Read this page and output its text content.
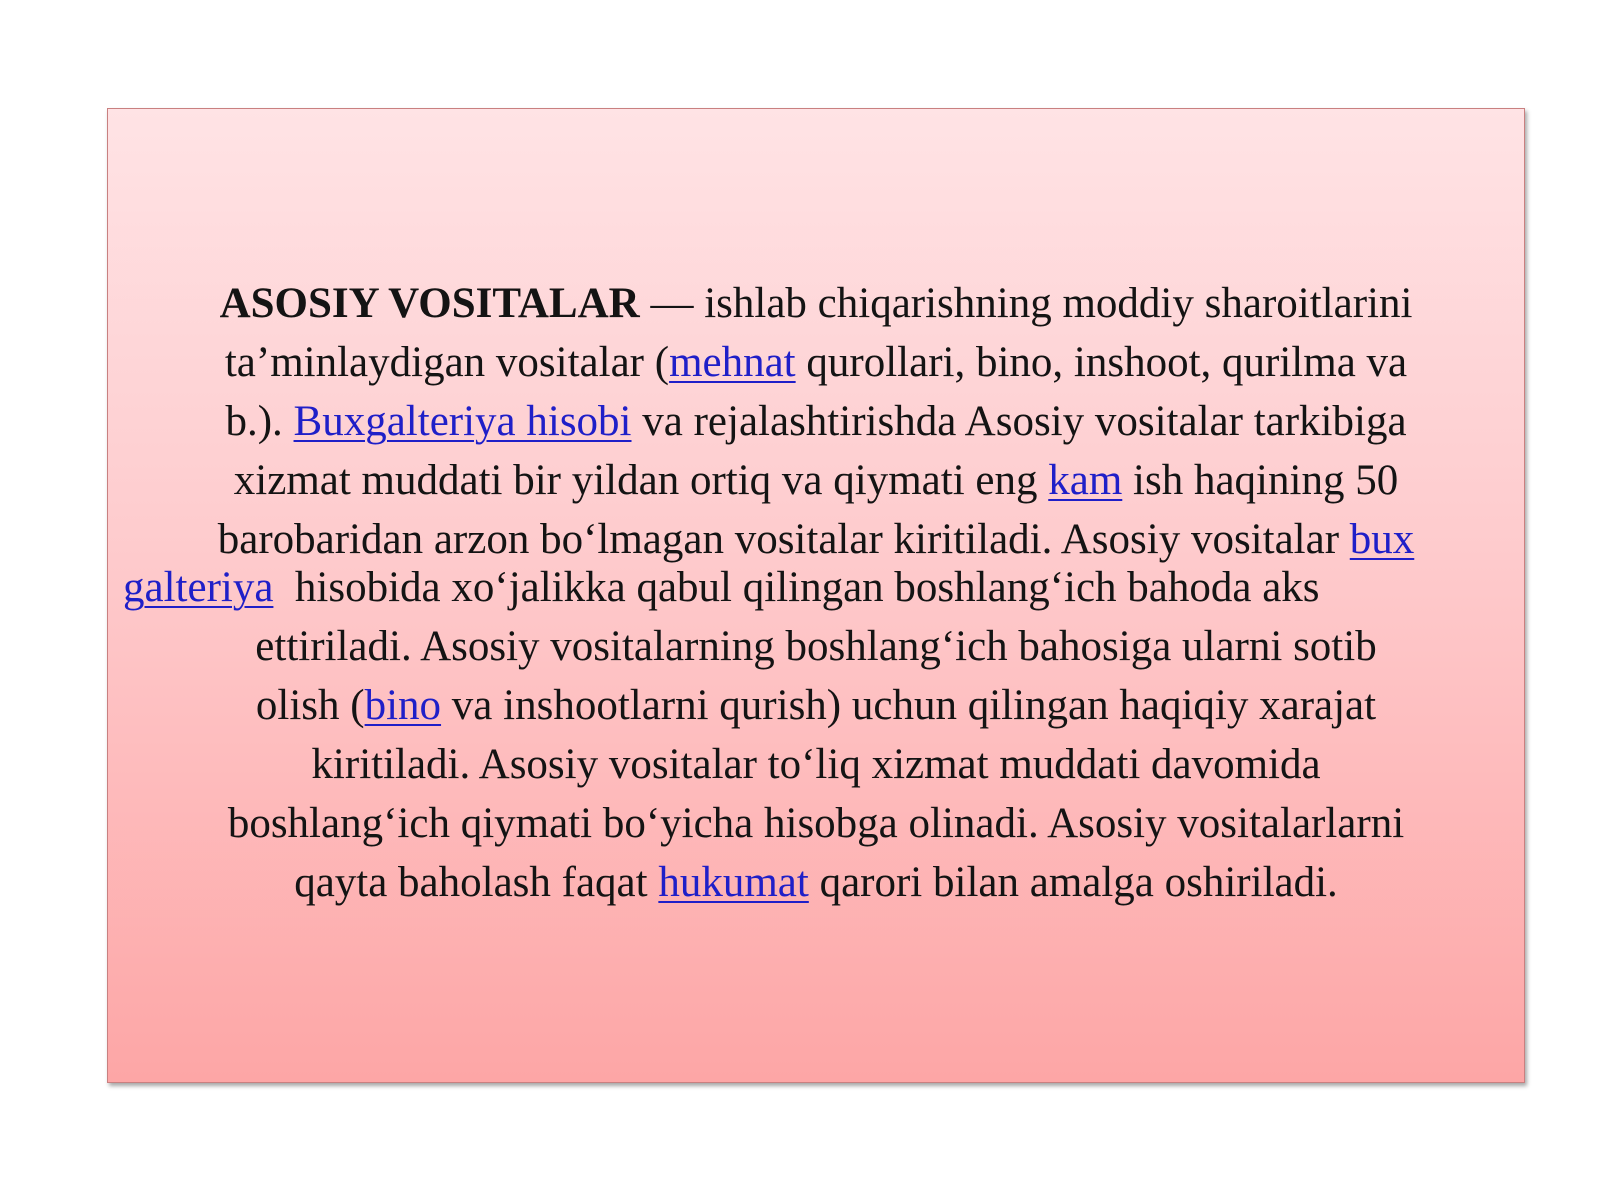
ASOSIY VOSITALAR — ishlab chiqarishning moddiy sharoitlarini
ta’minlaydigan vositalar (mehnat qurollari, bino, inshoot, qurilma va
b.). Buxgalteriya hisobi va rejalashtirishda Asosiy vositalar tarkibiga
xizmat muddati bir yildan ortiq va qiymati eng kam ish haqining 50
barobaridan arzon bo‘lmagan vositalar kiritiladi. Asosiy vositalar bux
galteriya  hisobida xo‘jalikka qabul qilingan boshlang‘ich bahoda aks
ettiriladi. Asosiy vositalarning boshlang‘ich bahosiga ularni sotib
olish (bino va inshootlarni qurish) uchun qilingan haqiqiy xarajat
kiritiladi. Asosiy vositalar to‘liq xizmat muddati davomida
boshlang‘ich qiymati bo‘yicha hisobga olinadi. Asosiy vositalarlarni
qayta baholash faqat hukumat qarori bilan amalga oshiriladi.
